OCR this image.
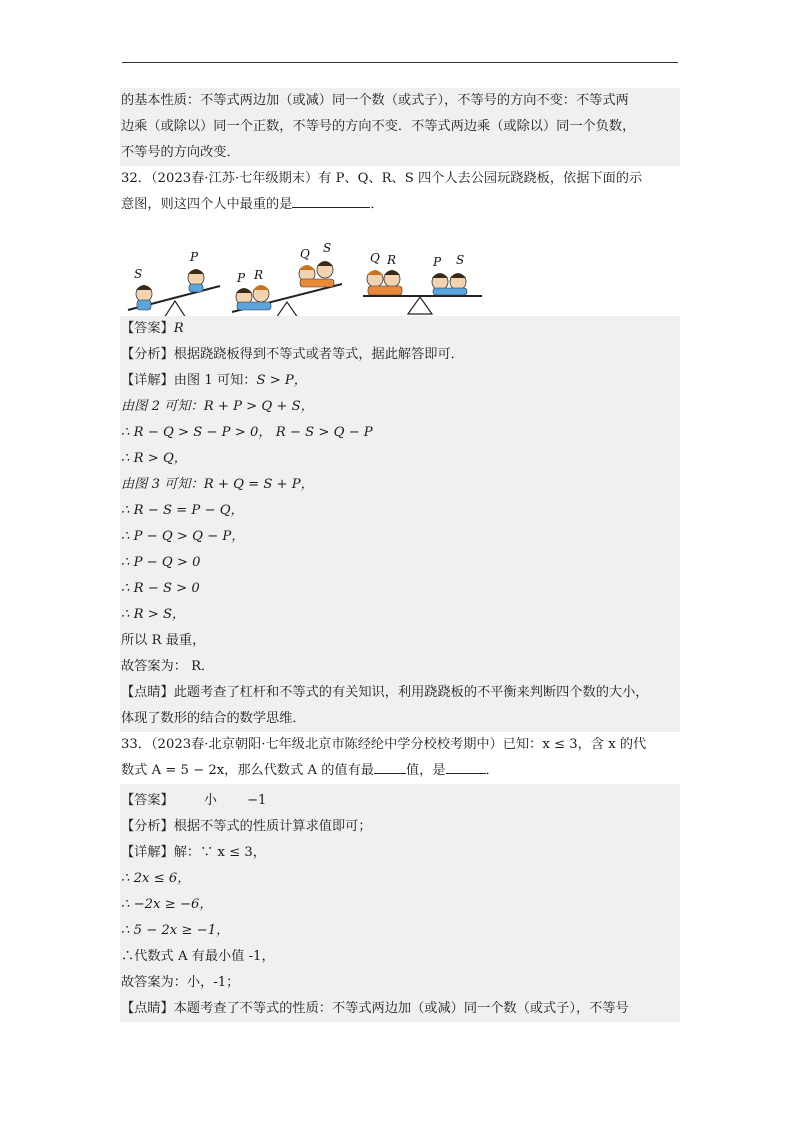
的基本性质：不等式两边加（或减）同一个数（或式子），不等号的方向不变：不等式两

边乘（或除以）同一个正数，不等号的方向不变．不等式两边乘（或除以）同一个负数，

不等号的方向改变．

32．（2023春·江苏·七年级期末）有 P、Q、R、S 四个人去公园玩跷跷板，依据下面的示

意图，则这四个人中最重的是	．

S
P
P R
Q S
Q R	P S

【答案】R

【分析】根据跷跷板得到不等式或者等式，据此解答即可．

【详解】由图 1 可知：S > P，

由图 2 可知：R + P > Q + S，

∴ R − Q > S − P > 0， R − S > Q − P

∴ R > Q，

由图 3 可知：R + Q = S + P，

∴ R − S = P − Q，

∴ P − Q > Q − P，

∴ P − Q > 0

∴ R − S > 0

∴ R > S，

所以 R 最重，

故答案为： R．

【点睛】此题考查了杠杆和不等式的有关知识，利用跷跷板的不平衡来判断四个数的大小，

体现了数形的结合的数学思维．

33．（2023春·北京朝阳·七年级北京市陈经纶中学分校校考期中）已知：x ≤ 3，含 x 的代

数式 A = 5 − 2x，那么代数式 A 的值有最 值，是	．

【答案】 小 −1

【分析】根据不等式的性质计算求值即可；

【详解】解：∵ x ≤ 3，

∴ 2x ≤ 6，

∴ −2x ≥ −6，

∴ 5 − 2x ≥ −1，

∴代数式 A 有最小值 -1，

故答案为：小，-1；

【点睛】本题考查了不等式的性质：不等式两边加（或减）同一个数（或式子），不等号
